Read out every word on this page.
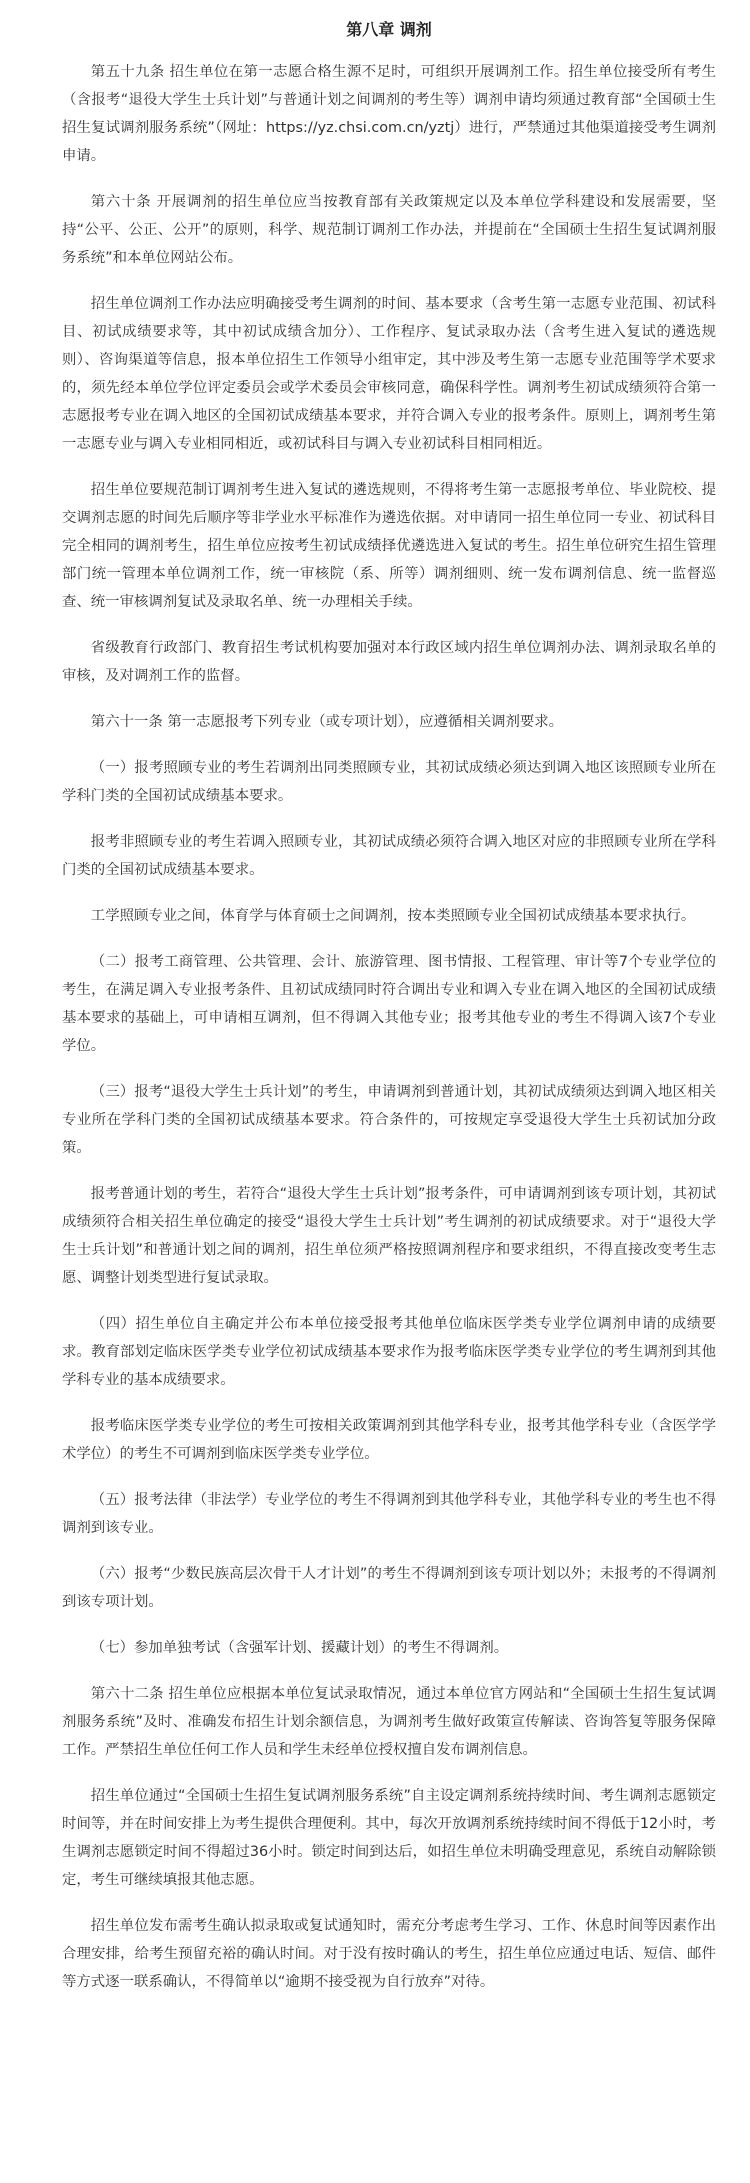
第八章 调剂

第五十九条 招生单位在第一志愿合格生源不足时，可组织开展调剂工作。招生单位接受所有考生（含报考“退役大学生士兵计划”与普通计划之间调剂的考生等）调剂申请均须通过教育部“全国硕士生招生复试调剂服务系统”（网址：https://yz.chsi.com.cn/yztj）进行，严禁通过其他渠道接受考生调剂申请。

第六十条 开展调剂的招生单位应当按教育部有关政策规定以及本单位学科建设和发展需要，坚持“公平、公正、公开”的原则，科学、规范制订调剂工作办法，并提前在“全国硕士生招生复试调剂服务系统”和本单位网站公布。

招生单位调剂工作办法应明确接受考生调剂的时间、基本要求（含考生第一志愿专业范围、初试科目、初试成绩要求等，其中初试成绩含加分）、工作程序、复试录取办法（含考生进入复试的遴选规则）、咨询渠道等信息，报本单位招生工作领导小组审定，其中涉及考生第一志愿专业范围等学术要求的，须先经本单位学位评定委员会或学术委员会审核同意，确保科学性。调剂考生初试成绩须符合第一志愿报考专业在调入地区的全国初试成绩基本要求，并符合调入专业的报考条件。原则上，调剂考生第一志愿专业与调入专业相同相近，或初试科目与调入专业初试科目相同相近。

招生单位要规范制订调剂考生进入复试的遴选规则，不得将考生第一志愿报考单位、毕业院校、提交调剂志愿的时间先后顺序等非学业水平标准作为遴选依据。对申请同一招生单位同一专业、初试科目完全相同的调剂考生，招生单位应按考生初试成绩择优遴选进入复试的考生。招生单位研究生招生管理部门统一管理本单位调剂工作，统一审核院（系、所等）调剂细则、统一发布调剂信息、统一监督巡查、统一审核调剂复试及录取名单、统一办理相关手续。

省级教育行政部门、教育招生考试机构要加强对本行政区域内招生单位调剂办法、调剂录取名单的审核，及对调剂工作的监督。

第六十一条 第一志愿报考下列专业（或专项计划），应遵循相关调剂要求。

（一）报考照顾专业的考生若调剂出同类照顾专业，其初试成绩必须达到调入地区该照顾专业所在学科门类的全国初试成绩基本要求。

报考非照顾专业的考生若调入照顾专业，其初试成绩必须符合调入地区对应的非照顾专业所在学科门类的全国初试成绩基本要求。

工学照顾专业之间，体育学与体育硕士之间调剂，按本类照顾专业全国初试成绩基本要求执行。

（二）报考工商管理、公共管理、会计、旅游管理、图书情报、工程管理、审计等7个专业学位的考生，在满足调入专业报考条件、且初试成绩同时符合调出专业和调入专业在调入地区的全国初试成绩基本要求的基础上，可申请相互调剂，但不得调入其他专业；报考其他专业的考生不得调入该7个专业学位。

（三）报考“退役大学生士兵计划”的考生，申请调剂到普通计划，其初试成绩须达到调入地区相关专业所在学科门类的全国初试成绩基本要求。符合条件的，可按规定享受退役大学生士兵初试加分政策。

报考普通计划的考生，若符合“退役大学生士兵计划”报考条件，可申请调剂到该专项计划，其初试成绩须符合相关招生单位确定的接受“退役大学生士兵计划”考生调剂的初试成绩要求。对于“退役大学生士兵计划”和普通计划之间的调剂，招生单位须严格按照调剂程序和要求组织，不得直接改变考生志愿、调整计划类型进行复试录取。

（四）招生单位自主确定并公布本单位接受报考其他单位临床医学类专业学位调剂申请的成绩要求。教育部划定临床医学类专业学位初试成绩基本要求作为报考临床医学类专业学位的考生调剂到其他学科专业的基本成绩要求。

报考临床医学类专业学位的考生可按相关政策调剂到其他学科专业，报考其他学科专业（含医学学术学位）的考生不可调剂到临床医学类专业学位。

（五）报考法律（非法学）专业学位的考生不得调剂到其他学科专业，其他学科专业的考生也不得调剂到该专业。

（六）报考“少数民族高层次骨干人才计划”的考生不得调剂到该专项计划以外；未报考的不得调剂到该专项计划。

（七）参加单独考试（含强军计划、援藏计划）的考生不得调剂。

第六十二条 招生单位应根据本单位复试录取情况，通过本单位官方网站和“全国硕士生招生复试调剂服务系统”及时、准确发布招生计划余额信息，为调剂考生做好政策宣传解读、咨询答复等服务保障工作。严禁招生单位任何工作人员和学生未经单位授权擅自发布调剂信息。

招生单位通过“全国硕士生招生复试调剂服务系统”自主设定调剂系统持续时间、考生调剂志愿锁定时间等，并在时间安排上为考生提供合理便利。其中，每次开放调剂系统持续时间不得低于12小时，考生调剂志愿锁定时间不得超过36小时。锁定时间到达后，如招生单位未明确受理意见，系统自动解除锁定，考生可继续填报其他志愿。

招生单位发布需考生确认拟录取或复试通知时，需充分考虑考生学习、工作、休息时间等因素作出合理安排，给考生预留充裕的确认时间。对于没有按时确认的考生，招生单位应通过电话、短信、邮件等方式逐一联系确认，不得简单以“逾期不接受视为自行放弃”对待。
